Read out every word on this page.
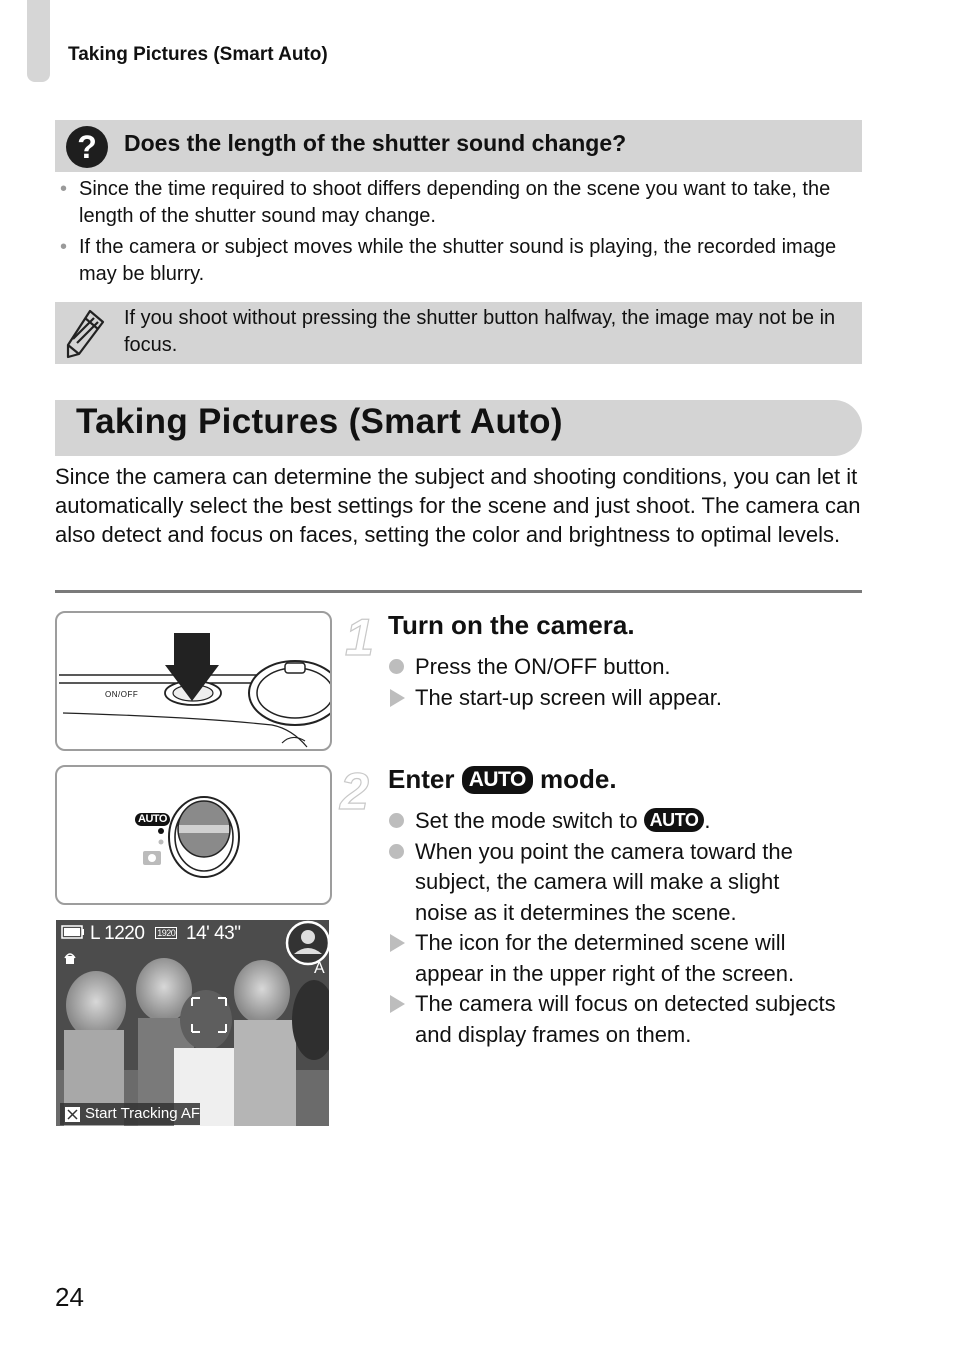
Taking Pictures (Smart Auto)
?	Does the length of the shutter sound change?
• Since the time required to shoot differs depending on the scene you want to take, the length of the shutter sound may change.
• If the camera or subject moves while the shutter sound is playing, the recorded image may be blurry.
If you shoot without pressing the shutter button halfway, the image may not be in focus.
Taking Pictures (Smart Auto)
Since the camera can determine the subject and shooting conditions, you can let it automatically select the best settings for the scene and just shoot. The camera can also detect and focus on faces, setting the color and brightness to optimal levels.
ON/OFF
AUTO
L 1220 1920 14' 43"
A
Start Tracking AF
1 Turn on the camera.
Press the ON/OFF button.
The start-up screen will appear.
2 Enter AUTO mode.
Set the mode switch to AUTO .
When you point the camera toward the subject, the camera will make a slight noise as it determines the scene.
The icon for the determined scene will appear in the upper right of the screen.
The camera will focus on detected subjects and display frames on them.
24
